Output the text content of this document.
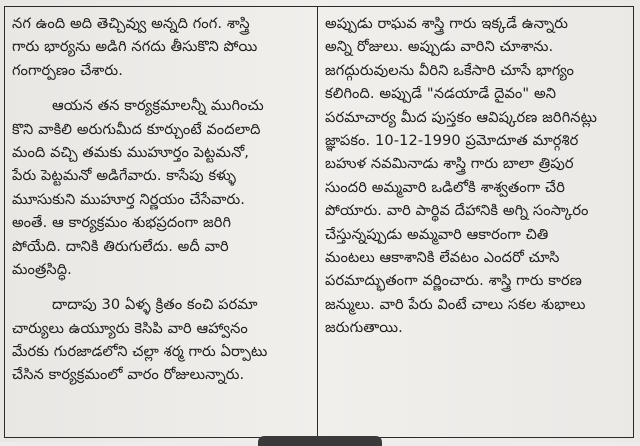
నగ ఉంది అది తెచ్చివ్వు అన్నది గంగ. శాస్త్రి
గారు భార్యను అడిగి నగదు తీసుకొని పోయి
గంగార్పణం చేశారు.
ఆయన తన కార్యక్రమాలన్నీ ముగించు
కొని వాకిలి అరుగుమీద కూర్చుంటే వందలాది
మంది వచ్చి తమకు ముహూర్తం పెట్టమనో,
పేరు పెట్టమనో అడిగేవారు. కాసేపు కళ్ళు
మూసుకుని ముహూర్త నిర్ణయం చేసేవారు.
అంతే. ఆ కార్యక్రమం శుభప్రదంగా జరిగి
పోయేది. దానికి తిరుగులేదు. అదీ వారి
మంత్రసిద్ధి.
దాదాపు 30 ఏళ్ళ క్రితం కంచి పరమా
చార్యులు ఉయ్యూరు కెసిపి వారి ఆహ్వానం
మేరకు గురజాడలోని చల్లా శర్మ గారు ఏర్పాటు
చేసిన కార్యక్రమంలో వారం రోజులున్నారు.
అప్పుడు రాఘవ శాస్త్రి గారు ఇక్కడే ఉన్నారు
అన్ని రోజులు. అప్పుడు వారిని చూశాను.
జగద్గురువులను వీరిని ఒకేసారి చూసే భాగ్యం
కలిగింది. అప్పుడే "నడయాడే దైవం" అని
పరమాచార్య మీద పుస్తకం ఆవిష్కరణ జరిగినట్లు
జ్ఞాపకం. 10-12-1990 ప్రమోదూత మార్గశిర
బహుళ నవమినాడు శాస్త్రి గారు బాలా త్రిపుర
సుందరి అమ్మవారి ఒడిలోకి శాశ్వతంగా చేరి
పోయారు. వారి పార్థివ దేహానికి అగ్ని సంస్కారం
చేస్తున్నప్పుడు అమ్మవారి ఆకారంగా చితి
మంటలు ఆకాశానికి లేవటం ఎందరో చూసి
పరమాద్భుతంగా వర్ణించారు. శాస్త్రి గారు కారణ
జన్ములు. వారి పేరు వింటే చాలు సకల శుభాలు
జరుగుతాయి.
